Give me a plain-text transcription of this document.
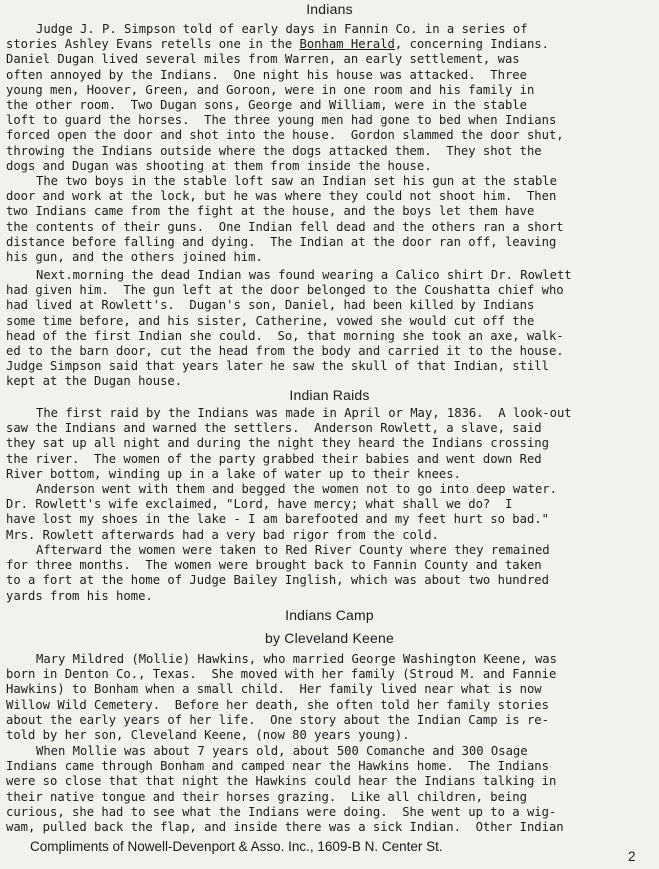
Indians
Judge J. P. Simpson told of early days in Fannin Co. in a series of
stories Ashley Evans retells one in the Bonham Herald, concerning Indians.
Daniel Dugan lived several miles from Warren, an early settlement, was
often annoyed by the Indians.  One night his house was attacked.  Three
young men, Hoover, Green, and Goroon, were in one room and his family in
the other room.  Two Dugan sons, George and William, were in the stable
loft to guard the horses.  The three young men had gone to bed when Indians
forced open the door and shot into the house.  Gordon slammed the door shut,
throwing the Indians outside where the dogs attacked them.  They shot the
dogs and Dugan was shooting at them from inside the house.
The two boys in the stable loft saw an Indian set his gun at the stable
door and work at the lock, but he was where they could not shoot him.  Then
two Indians came from the fight at the house, and the boys let them have
the contents of their guns.  One Indian fell dead and the others ran a short
distance before falling and dying.  The Indian at the door ran off, leaving
his gun, and the others joined him.
Next.morning the dead Indian was found wearing a Calico shirt Dr. Rowlett
had given him.  The gun left at the door belonged to the Coushatta chief who
had lived at Rowlett's.  Dugan's son, Daniel, had been killed by Indians
some time before, and his sister, Catherine, vowed she would cut off the
head of the first Indian she could.  So, that morning she took an axe, walk-
ed to the barn door, cut the head from the body and carried it to the house.
Judge Simpson said that years later he saw the skull of that Indian, still
kept at the Dugan house.
Indian Raids
The first raid by the Indians was made in April or May, 1836.  A look-out
saw the Indians and warned the settlers.  Anderson Rowlett, a slave, said
they sat up all night and during the night they heard the Indians crossing
the river.  The women of the party grabbed their babies and went down Red
River bottom, winding up in a lake of water up to their knees.
Anderson went with them and begged the women not to go into deep water.
Dr. Rowlett's wife exclaimed, "Lord, have mercy; what shall we do?  I
have lost my shoes in the lake - I am barefooted and my feet hurt so bad."
Mrs. Rowlett afterwards had a very bad rigor from the cold.
Afterward the women were taken to Red River County where they remained
for three months.  The women were brought back to Fannin County and taken
to a fort at the home of Judge Bailey Inglish, which was about two hundred
yards from his home.
Indians Camp
by Cleveland Keene
Mary Mildred (Mollie) Hawkins, who married George Washington Keene, was
born in Denton Co., Texas.  She moved with her family (Stroud M. and Fannie
Hawkins) to Bonham when a small child.  Her family lived near what is now
Willow Wild Cemetery.  Before her death, she often told her family stories
about the early years of her life.  One story about the Indian Camp is re-
told by her son, Cleveland Keene, (now 80 years young).
When Mollie was about 7 years old, about 500 Comanche and 300 Osage
Indians came through Bonham and camped near the Hawkins home.  The Indians
were so close that that night the Hawkins could hear the Indians talking in
their native tongue and their horses grazing.  Like all children, being
curious, she had to see what the Indians were doing.  She went up to a wig-
wam, pulled back the flap, and inside there was a sick Indian.  Other Indian
Compliments of Nowell-Devenport & Asso. Inc., 1609-B N. Center St.
2
